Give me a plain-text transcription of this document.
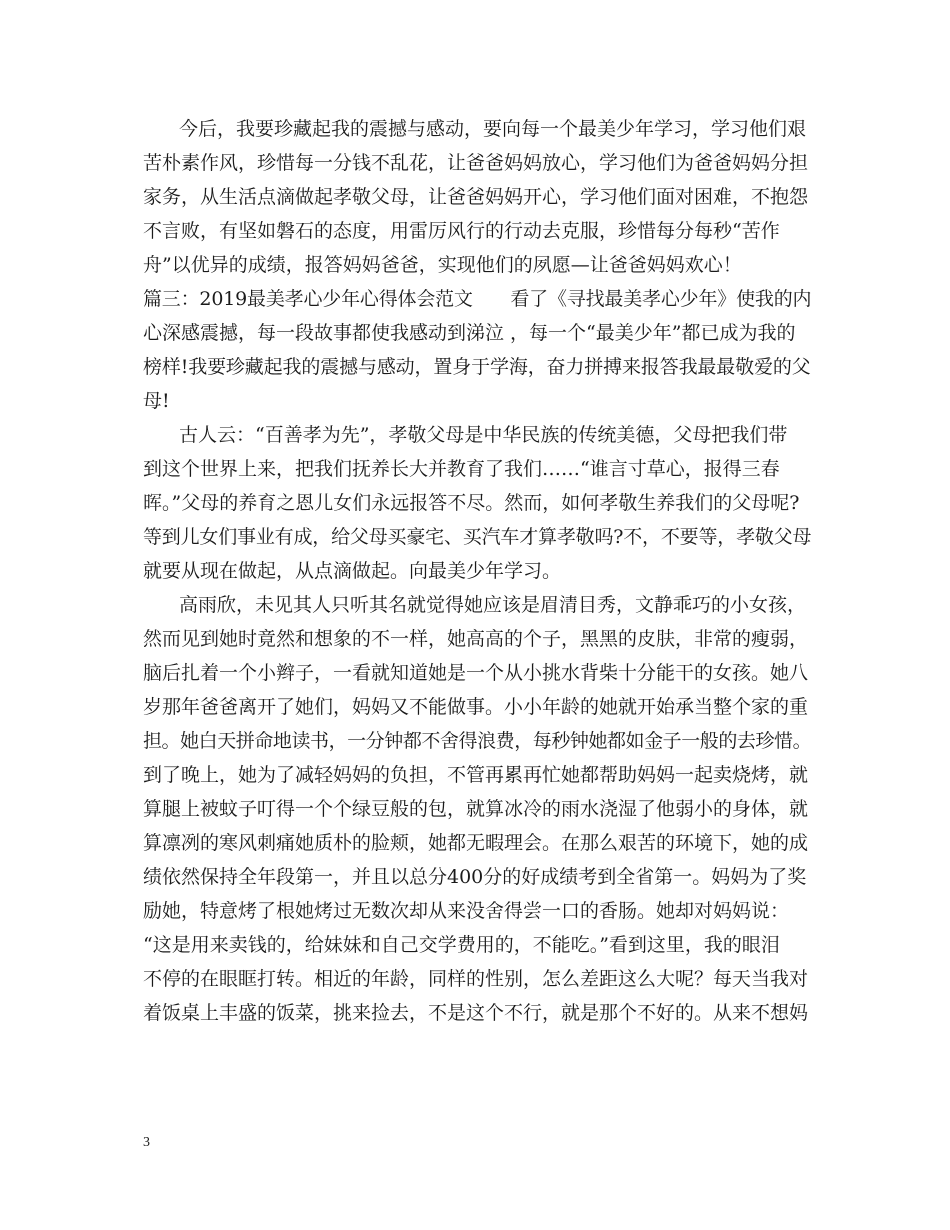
今后，我要珍藏起我的震撼与感动，要向每一个最美少年学习，学习他们艰
苦朴素作风，珍惜每一分钱不乱花，让爸爸妈妈放心，学习他们为爸爸妈妈分担
家务，从生活点滴做起孝敬父母，让爸爸妈妈开心，学习他们面对困难，不抱怨
不言败，有坚如磐石的态度，用雷厉风行的行动去克服，珍惜每分每秒“苦作
舟”以优异的成绩，报答妈妈爸爸，实现他们的夙愿—让爸爸妈妈欢心！
篇三：2019最美孝心少年心得体会范文　　看了《寻找最美孝心少年》使我的内
心深感震撼，每一段故事都使我感动到涕泣 ，每一个“最美少年”都已成为我的
榜样!我要珍藏起我的震撼与感动，置身于学海，奋力拼搏来报答我最最敬爱的父
母!
古人云：“百善孝为先”，孝敬父母是中华民族的传统美德，父母把我们带
到这个世界上来，把我们抚养长大并教育了我们……“谁言寸草心，报得三春
晖。”父母的养育之恩儿女们永远报答不尽。然而，如何孝敬生养我们的父母呢?
等到儿女们事业有成，给父母买豪宅、买汽车才算孝敬吗?不，不要等，孝敬父母
就要从现在做起，从点滴做起。向最美少年学习。
高雨欣，未见其人只听其名就觉得她应该是眉清目秀，文静乖巧的小女孩，
然而见到她时竟然和想象的不一样，她高高的个子，黑黑的皮肤，非常的瘦弱，
脑后扎着一个小辫子，一看就知道她是一个从小挑水背柴十分能干的女孩。她八
岁那年爸爸离开了她们，妈妈又不能做事。小小年龄的她就开始承当整个家的重
担。她白天拼命地读书，一分钟都不舍得浪费，每秒钟她都如金子一般的去珍惜。
到了晚上，她为了减轻妈妈的负担，不管再累再忙她都帮助妈妈一起卖烧烤，就
算腿上被蚊子叮得一个个绿豆般的包，就算冰冷的雨水浇湿了他弱小的身体，就
算凛冽的寒风刺痛她质朴的脸颊，她都无暇理会。在那么艰苦的环境下，她的成
绩依然保持全年段第一，并且以总分400分的好成绩考到全省第一。妈妈为了奖
励她，特意烤了根她烤过无数次却从来没舍得尝一口的香肠。她却对妈妈说：
“这是用来卖钱的，给妹妹和自己交学费用的，不能吃。”看到这里，我的眼泪
不停的在眼眶打转。相近的年龄，同样的性别，怎么差距这么大呢？每天当我对
着饭桌上丰盛的饭菜，挑来捡去，不是这个不行，就是那个不好的。从来不想妈
3
